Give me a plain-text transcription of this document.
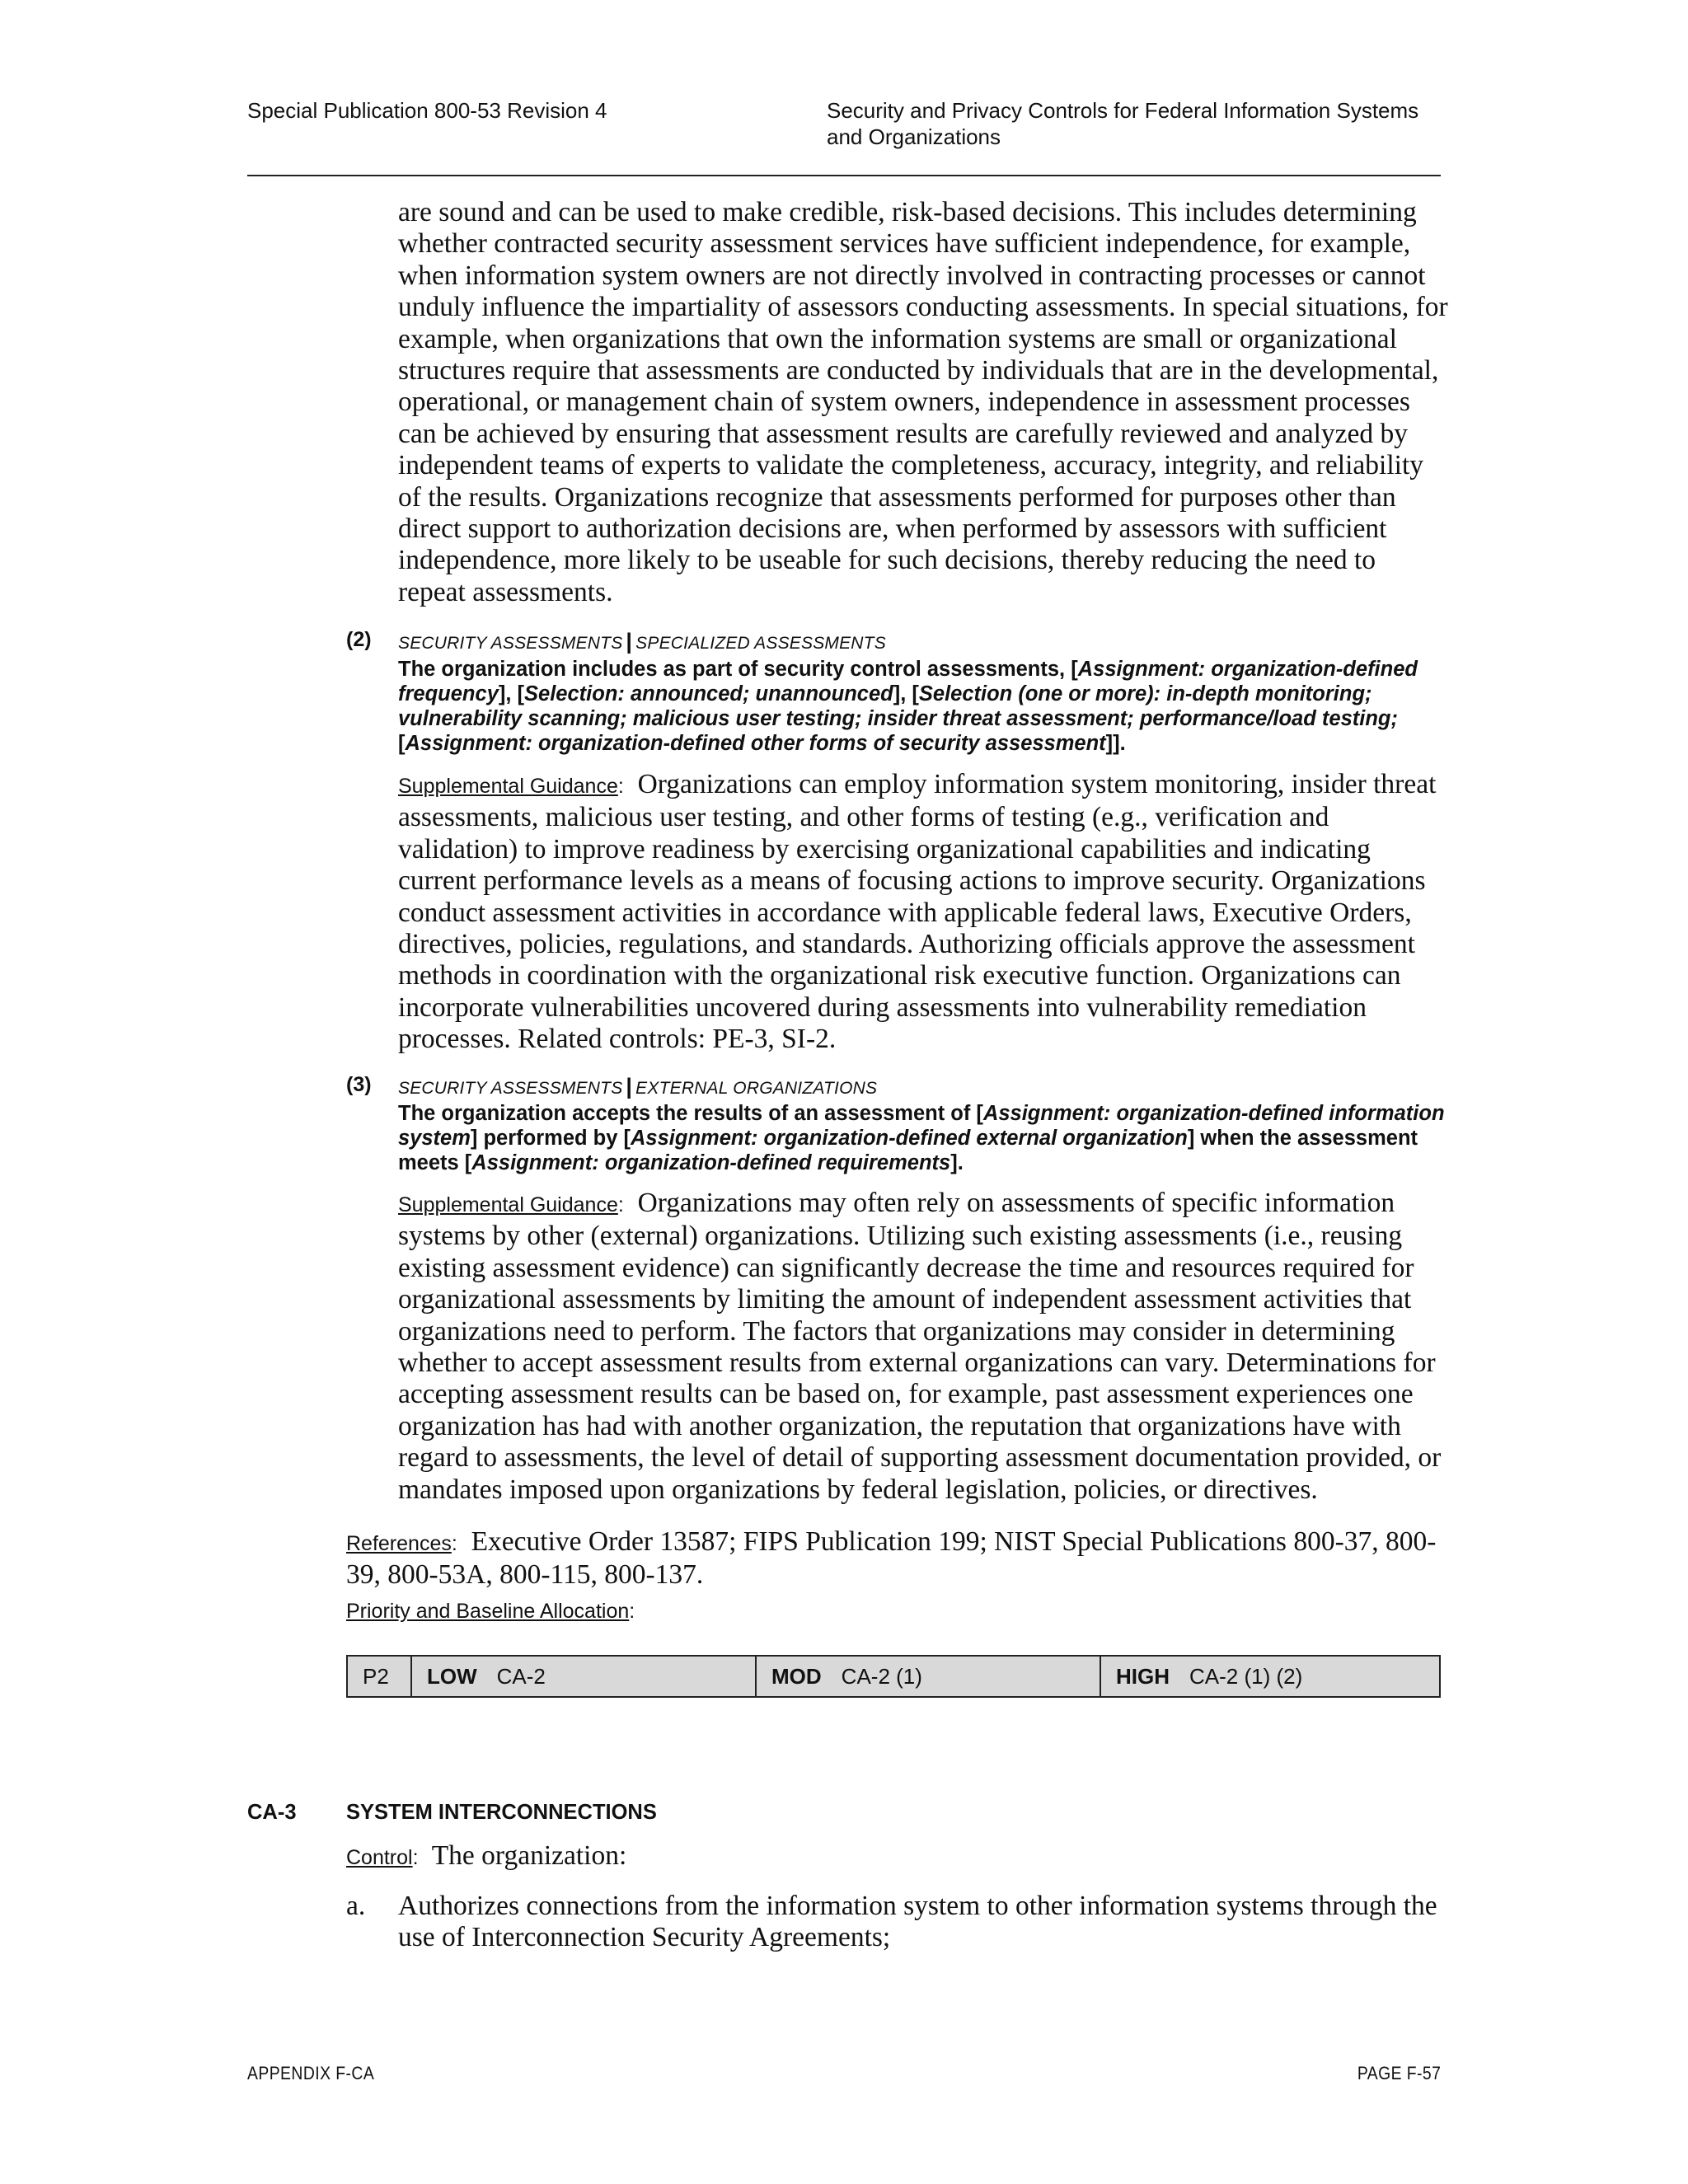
Special Publication 800-53 Revision 4	Security and Privacy Controls for Federal Information Systems and Organizations
are sound and can be used to make credible, risk-based decisions. This includes determining whether contracted security assessment services have sufficient independence, for example, when information system owners are not directly involved in contracting processes or cannot unduly influence the impartiality of assessors conducting assessments. In special situations, for example, when organizations that own the information systems are small or organizational structures require that assessments are conducted by individuals that are in the developmental, operational, or management chain of system owners, independence in assessment processes can be achieved by ensuring that assessment results are carefully reviewed and analyzed by independent teams of experts to validate the completeness, accuracy, integrity, and reliability of the results. Organizations recognize that assessments performed for purposes other than direct support to authorization decisions are, when performed by assessors with sufficient independence, more likely to be useable for such decisions, thereby reducing the need to repeat assessments.
(2) SECURITY ASSESSMENTS | SPECIALIZED ASSESSMENTS
The organization includes as part of security control assessments, [Assignment: organization-defined frequency], [Selection: announced; unannounced], [Selection (one or more): in-depth monitoring; vulnerability scanning; malicious user testing; insider threat assessment; performance/load testing; [Assignment: organization-defined other forms of security assessment]].
Supplemental Guidance: Organizations can employ information system monitoring, insider threat assessments, malicious user testing, and other forms of testing (e.g., verification and validation) to improve readiness by exercising organizational capabilities and indicating current performance levels as a means of focusing actions to improve security. Organizations conduct assessment activities in accordance with applicable federal laws, Executive Orders, directives, policies, regulations, and standards. Authorizing officials approve the assessment methods in coordination with the organizational risk executive function. Organizations can incorporate vulnerabilities uncovered during assessments into vulnerability remediation processes. Related controls: PE-3, SI-2.
(3) SECURITY ASSESSMENTS | EXTERNAL ORGANIZATIONS
The organization accepts the results of an assessment of [Assignment: organization-defined information system] performed by [Assignment: organization-defined external organization] when the assessment meets [Assignment: organization-defined requirements].
Supplemental Guidance: Organizations may often rely on assessments of specific information systems by other (external) organizations. Utilizing such existing assessments (i.e., reusing existing assessment evidence) can significantly decrease the time and resources required for organizational assessments by limiting the amount of independent assessment activities that organizations need to perform. The factors that organizations may consider in determining whether to accept assessment results from external organizations can vary. Determinations for accepting assessment results can be based on, for example, past assessment experiences one organization has had with another organization, the reputation that organizations have with regard to assessments, the level of detail of supporting assessment documentation provided, or mandates imposed upon organizations by federal legislation, policies, or directives.
References: Executive Order 13587; FIPS Publication 199; NIST Special Publications 800-37, 800-39, 800-53A, 800-115, 800-137.
Priority and Baseline Allocation:
P2 LOW CA-2	MOD CA-2 (1)	HIGH CA-2 (1) (2)
CA-3 SYSTEM INTERCONNECTIONS
Control: The organization:
a. Authorizes connections from the information system to other information systems through the use of Interconnection Security Agreements;
APPENDIX F-CA	PAGE F-57
